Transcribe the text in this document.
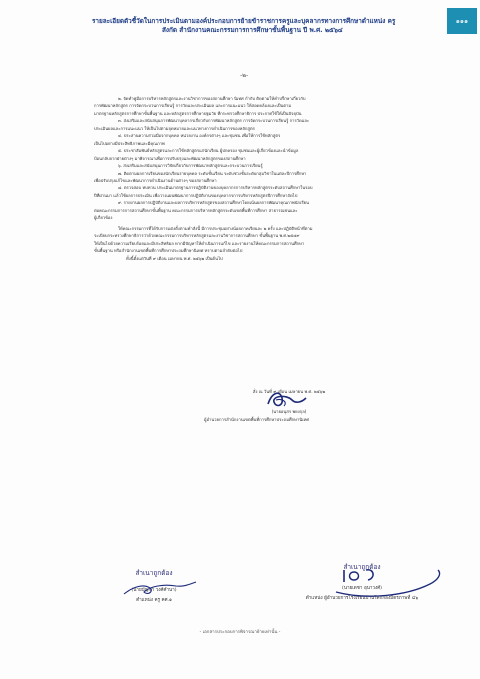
รายละเอียดตัวชี้วัดในการประเมินตามองค์ประกอบการย้ายข้าราชการครูและบุคลากรทางการศึกษาตำแหน่ง ครู
สังกัด สำนักงานคณะกรรมการการศึกษาขั้นพื้นฐาน ปี พ.ศ. ๒๕๖๔
๑๑๑
-๒-
๒. จัดทำคู่มือการบริหารหลักสูตรและงานวิชาการของสถานศึกษา นิเทศ กำกับ ติดตามให้คำปรึกษาเกี่ยวกับ
การพัฒนาหลักสูตร การจัดกระบวนการเรียนรู้ การวัดและประเมินผล และการแนะแนว ให้สอดคล้องและเป็นตาม
มาตรฐานหลักสูตรการศึกษาขั้นพื้นฐาน และหลักสูตรการศึกษาปฐมวัย ที่กระทรวงศึกษาธิการ ประกาศใช้ให้เป็นปัจจุบัน
๓. ส่งเสริมและสนับสนุนการพัฒนาบุคลากรเกี่ยวกับการพัฒนาหลักสูตร การจัดกระบวนการเรียนรู้ การวัดและ
ประเมินผลและการแนะแนว ให้เป็นไปตามจุดหมายและแนวทางการดำเนินการของหลักสูตร
๔. ประสานความร่วมมือจากบุคคล หน่วยงาน องค์กรต่างๆ และชุมชน เพื่อให้การใช้หลักสูตร
เป็นไปอย่างมีประสิทธิภาพและมีคุณภาพ
๕. ประชาสัมพันธ์หลักสูตรและการใช้หลักสูตรแก่นักเรียน ผู้ปกครอง ชุมชนและผู้เกี่ยวข้องและนำข้อมูล
ป้อนกลับจากฝ่ายต่างๆ มาพิจารณาเพื่อการปรับปรุงและพัฒนาหลักสูตรของสถานศึกษา
๖. ส่งเสริมและสนับสนุนการวิจัยเกี่ยวกับการพัฒนาหลักสูตรและกระบวนการเรียนรู้
๗. ติดตามผลการเรียนของนักเรียนรายบุคคล ระดับชั้นเรียน ระดับช่วงชั้นระดับกลุ่มวิชาในแต่ละปีการศึกษา
เพื่อปรับปรุงแก้ไขและพัฒนาการดำเนินงานด้านต่างๆ ของสถานศึกษา
๘. ตรวจสอบ ทบทวน ประเมินมาตรฐานการปฏิบัติงานของบุคลากรการบริหารหลักสูตรระดับสถานศึกษาในรอบ
ปีที่ผ่านมา แล้วใช้ผลการประเมิน เพื่อวางแผนพัฒนาการปฏิบัติงานของบุคลากรการบริหารหลักสูตรปีการศึกษาถัดไป
๙. รายงานผลการปฏิบัติงานและผลการบริหารหลักสูตรของสถานศึกษาโดยเน้นผลการพัฒนาคุณภาพนักเรียน
ต่อคณะกรรมการการสถานศึกษาขั้นพื้นฐาน คณะกรรมการบริหารหลักสูตรระดับเขตพื้นที่การศึกษา สาธารณชนและ
ผู้เกี่ยวข้อง
ให้คณะกรรมการที่ได้รับการแต่งตั้งตามคำสั่งนี้ มีการประชุมอย่างน้อยภาคเรียนละ ๒ ครั้ง และปฏิบัติหน้าที่ตาม
ระเบียบกระทรวงศึกษาธิการว่าด้วยคณะกรรมการบริหารหลักสูตรและงานวิชาการสถานศึกษา ขั้นพื้นฐาน พ.ศ.๒๕๔๙
ให้เป็นไปด้วยความเรียบร้อยและมีประสิทธิผล หากมีปัญหาให้ดำเนินการแก้ไข และรายงานให้คณะกรรมการสถานศึกษา
ขั้นพื้นฐาน หรือสำนักงานเขตพื้นที่การศึกษาประถมศึกษานิเทศ ทราบตามลำดับต่อไป
ทั้งนี้ตั้งแต่วันที่ ๙ เดือน เมษายน พ.ศ. ๒๕๖๒ เป็นต้นไป
สั่ง ณ วันที่ ๙ เดือน เมษายน พ.ศ. ๒๕๖๒
(นายอนุสร พยงกุล)
ผู้อำนวยการสำนักงานเขตพื้นที่การศึกษาประถมศึกษานิเทศ
สำเนาถูกต้อง
(นายบัญชา วงศ์คำนา)
ตำแหน่ง ครู คศ.๑
สำเนาถูกต้อง
(นายเดชา อุนาวงศ์)
ตำแหน่ง ผู้อำนวยการโรงเรียนบ้านโคกก่องมิตรภาพที่ ๘๖
- เอกสารประกอบการพิจารณาย้ายเท่านั้น -
